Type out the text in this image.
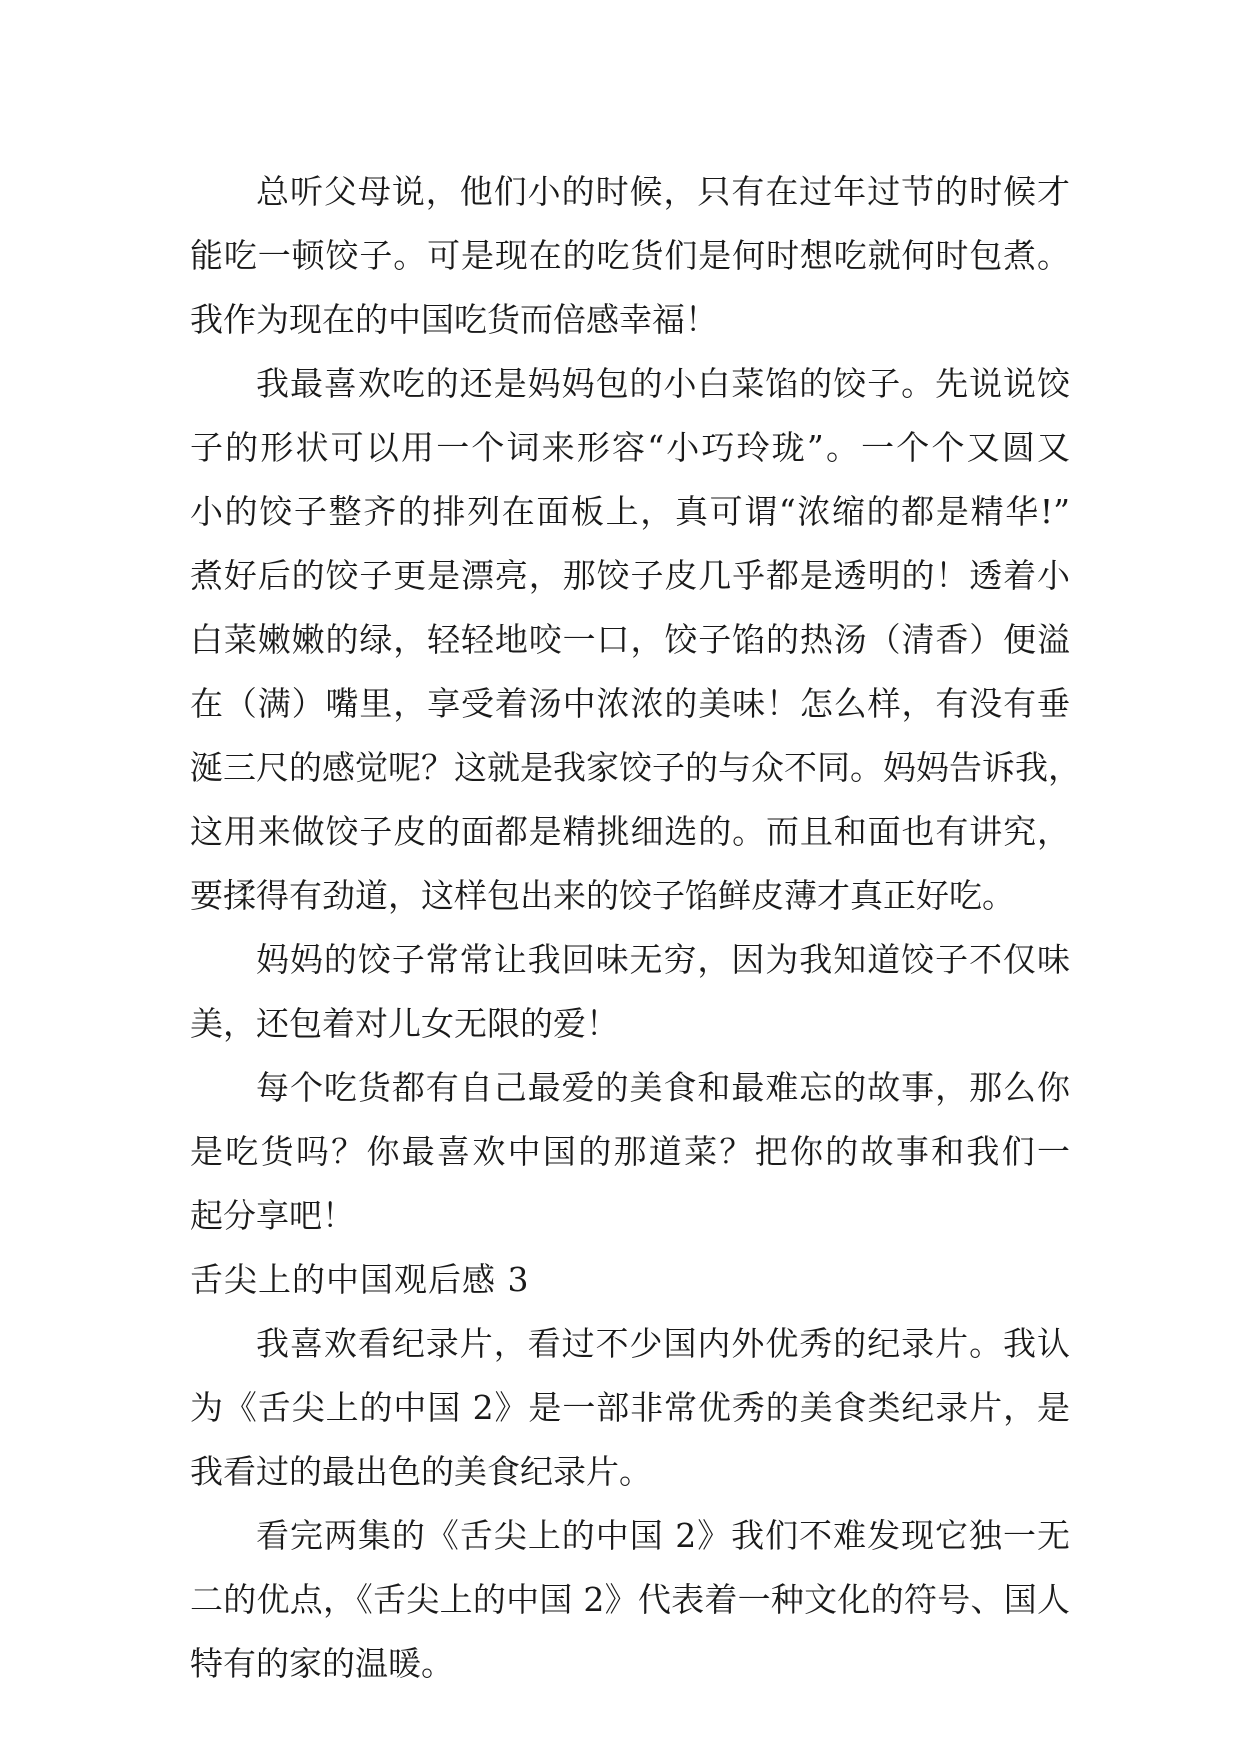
总听父母说，他们小的时候，只有在过年过节的时候才
能吃一顿饺子。可是现在的吃货们是何时想吃就何时包煮。
我作为现在的中国吃货而倍感幸福！
我最喜欢吃的还是妈妈包的小白菜馅的饺子。先说说饺
子的形状可以用一个词来形容“小巧玲珑”。一个个又圆又
小的饺子整齐的排列在面板上，真可谓“浓缩的都是精华!”
煮好后的饺子更是漂亮，那饺子皮几乎都是透明的！透着小
白菜嫩嫩的绿，轻轻地咬一口，饺子馅的热汤（清香）便溢
在（满）嘴里，享受着汤中浓浓的美味！怎么样，有没有垂
涎三尺的感觉呢？这就是我家饺子的与众不同。妈妈告诉我，
这用来做饺子皮的面都是精挑细选的。而且和面也有讲究，
要揉得有劲道，这样包出来的饺子馅鲜皮薄才真正好吃。
妈妈的饺子常常让我回味无穷，因为我知道饺子不仅味
美，还包着对儿女无限的爱！
每个吃货都有自己最爱的美食和最难忘的故事，那么你
是吃货吗？你最喜欢中国的那道菜？把你的故事和我们一
起分享吧！
舌尖上的中国观后感 3
我喜欢看纪录片，看过不少国内外优秀的纪录片。我认
为《舌尖上的中国 2》是一部非常优秀的美食类纪录片，是
我看过的最出色的美食纪录片。
看完两集的《舌尖上的中国 2》我们不难发现它独一无
二的优点，《舌尖上的中国 2》代表着一种文化的符号、国人
特有的家的温暖。
